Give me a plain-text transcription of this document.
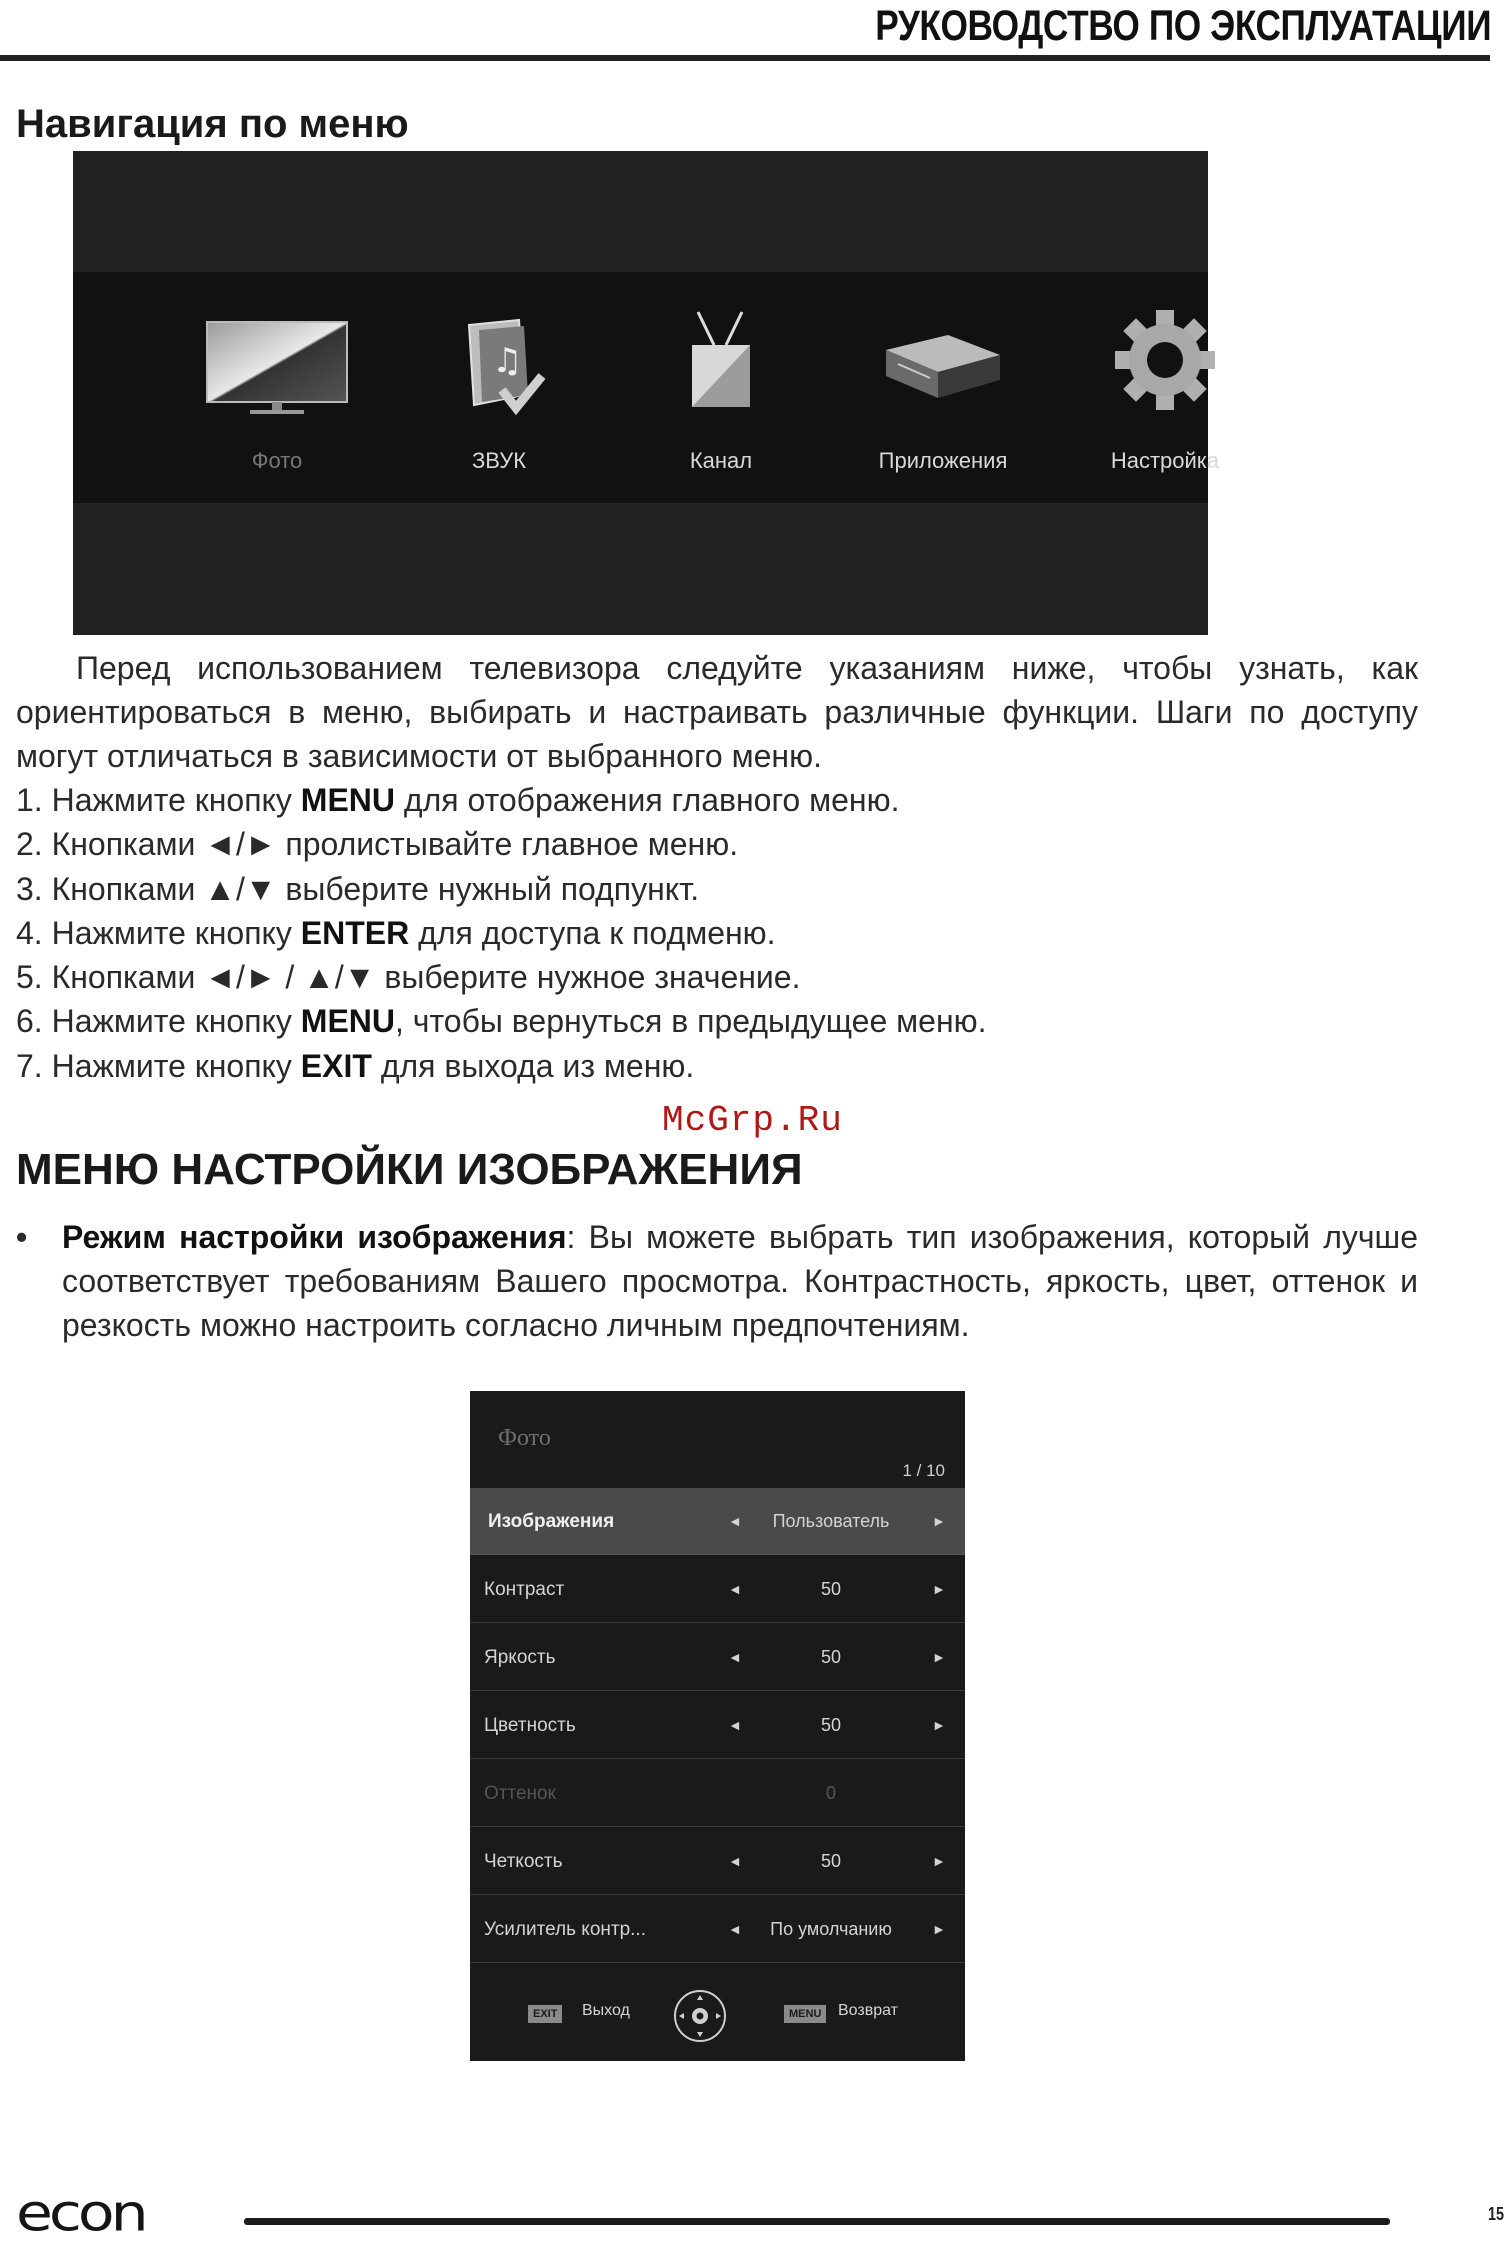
РУКОВОДСТВО ПО ЭКСПЛУАТАЦИИ
Навигация по меню
Фото
♫
ЗВУК	Канал	Приложения	Настройка

Перед использованием телевизора следуйте указаниям ниже, чтобы узнать, как ориентироваться в меню, выбирать и настраивать различные функции. Шаги по доступу могут отличаться в зависимости от выбранного меню.

1. Нажмите кнопку MENU для отображения главного меню.
2. Кнопками ◄/► пролистывайте главное меню.
3. Кнопками ▲/▼ выберите нужный подпункт.
4. Нажмите кнопку ENTER для доступа к подменю.
5. Кнопками ◄/► / ▲/▼ выберите нужное значение.
6. Нажмите кнопку MENU, чтобы вернуться в предыдущее меню.
7. Нажмите кнопку EXIT для выхода из меню.
McGrp.Ru
МЕНЮ НАСТРОЙКИ ИЗОБРАЖЕНИЯ
• Режим настройки изображения: Вы можете выбрать тип изображения, который лучше соответствует требованиям Вашего просмотра. Контрастность, яркость, цвет, оттенок и резкость можно настроить согласно личным предпочтениям.

Фото
1 / 10
Изображения	◄	Пользователь	►
Контраст	◄	50	►
Яркость	◄	50	►
Цветность	◄	50	►
Оттенок	0
Четкость	◄	50	►
Усилитель контр...	◄	По умолчанию	►
EXIT	Выход	MENU	Возврат
econ	15
